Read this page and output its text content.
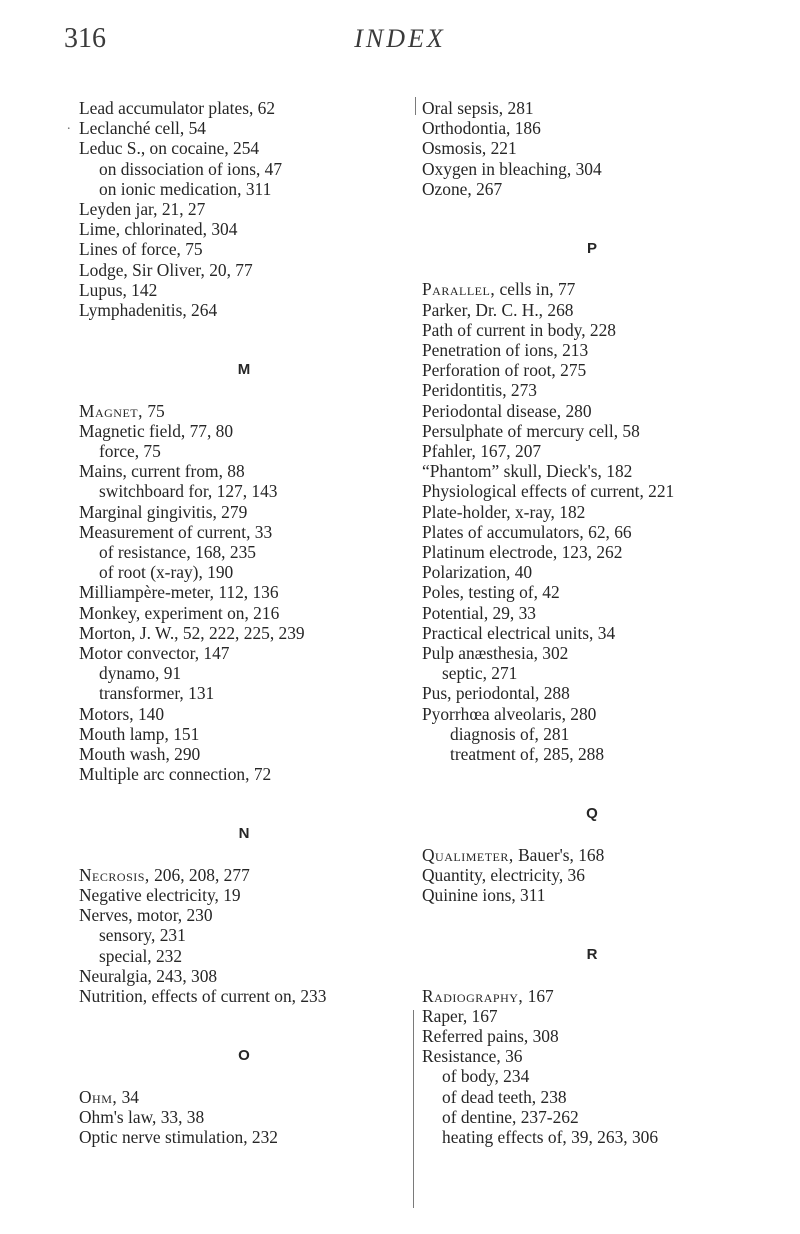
316	INDEX
.
Lead accumulator plates, 62
Leclanché cell, 54
Leduc S., on cocaine, 254
on dissociation of ions, 47
on ionic medication, 311
Leyden jar, 21, 27
Lime, chlorinated, 304
Lines of force, 75
Lodge, Sir Oliver, 20, 77
Lupus, 142
Lymphadenitis, 264
M
Magnet, 75
Magnetic field, 77, 80
force, 75
Mains, current from, 88
switchboard for, 127, 143
Marginal gingivitis, 279
Measurement of current, 33
of resistance, 168, 235
of root (x-ray), 190
Milliampère-meter, 112, 136
Monkey, experiment on, 216
Morton, J. W., 52, 222, 225, 239
Motor convector, 147
dynamo, 91
transformer, 131
Motors, 140
Mouth lamp, 151
Mouth wash, 290
Multiple arc connection, 72
N
Necrosis, 206, 208, 277
Negative electricity, 19
Nerves, motor, 230
sensory, 231
special, 232
Neuralgia, 243, 308
Nutrition, effects of current on, 233
O
Ohm, 34
Ohm's law, 33, 38
Optic nerve stimulation, 232
Oral sepsis, 281
Orthodontia, 186
Osmosis, 221
Oxygen in bleaching, 304
Ozone, 267
P
Parallel, cells in, 77
Parker, Dr. C. H., 268
Path of current in body, 228
Penetration of ions, 213
Perforation of root, 275
Peridontitis, 273
Periodontal disease, 280
Persulphate of mercury cell, 58
Pfahler, 167, 207
“Phantom” skull, Dieck's, 182
Physiological effects of current, 221
Plate-holder, x-ray, 182
Plates of accumulators, 62, 66
Platinum electrode, 123, 262
Polarization, 40
Poles, testing of, 42
Potential, 29, 33
Practical electrical units, 34
Pulp anæsthesia, 302
septic, 271
Pus, periodontal, 288
Pyorrhœa alveolaris, 280
diagnosis of, 281
treatment of, 285, 288
Q
Qualimeter, Bauer's, 168
Quantity, electricity, 36
Quinine ions, 311
R
Radiography, 167
Raper, 167
Referred pains, 308
Resistance, 36
of body, 234
of dead teeth, 238
of dentine, 237-262
heating effects of, 39, 263, 306
